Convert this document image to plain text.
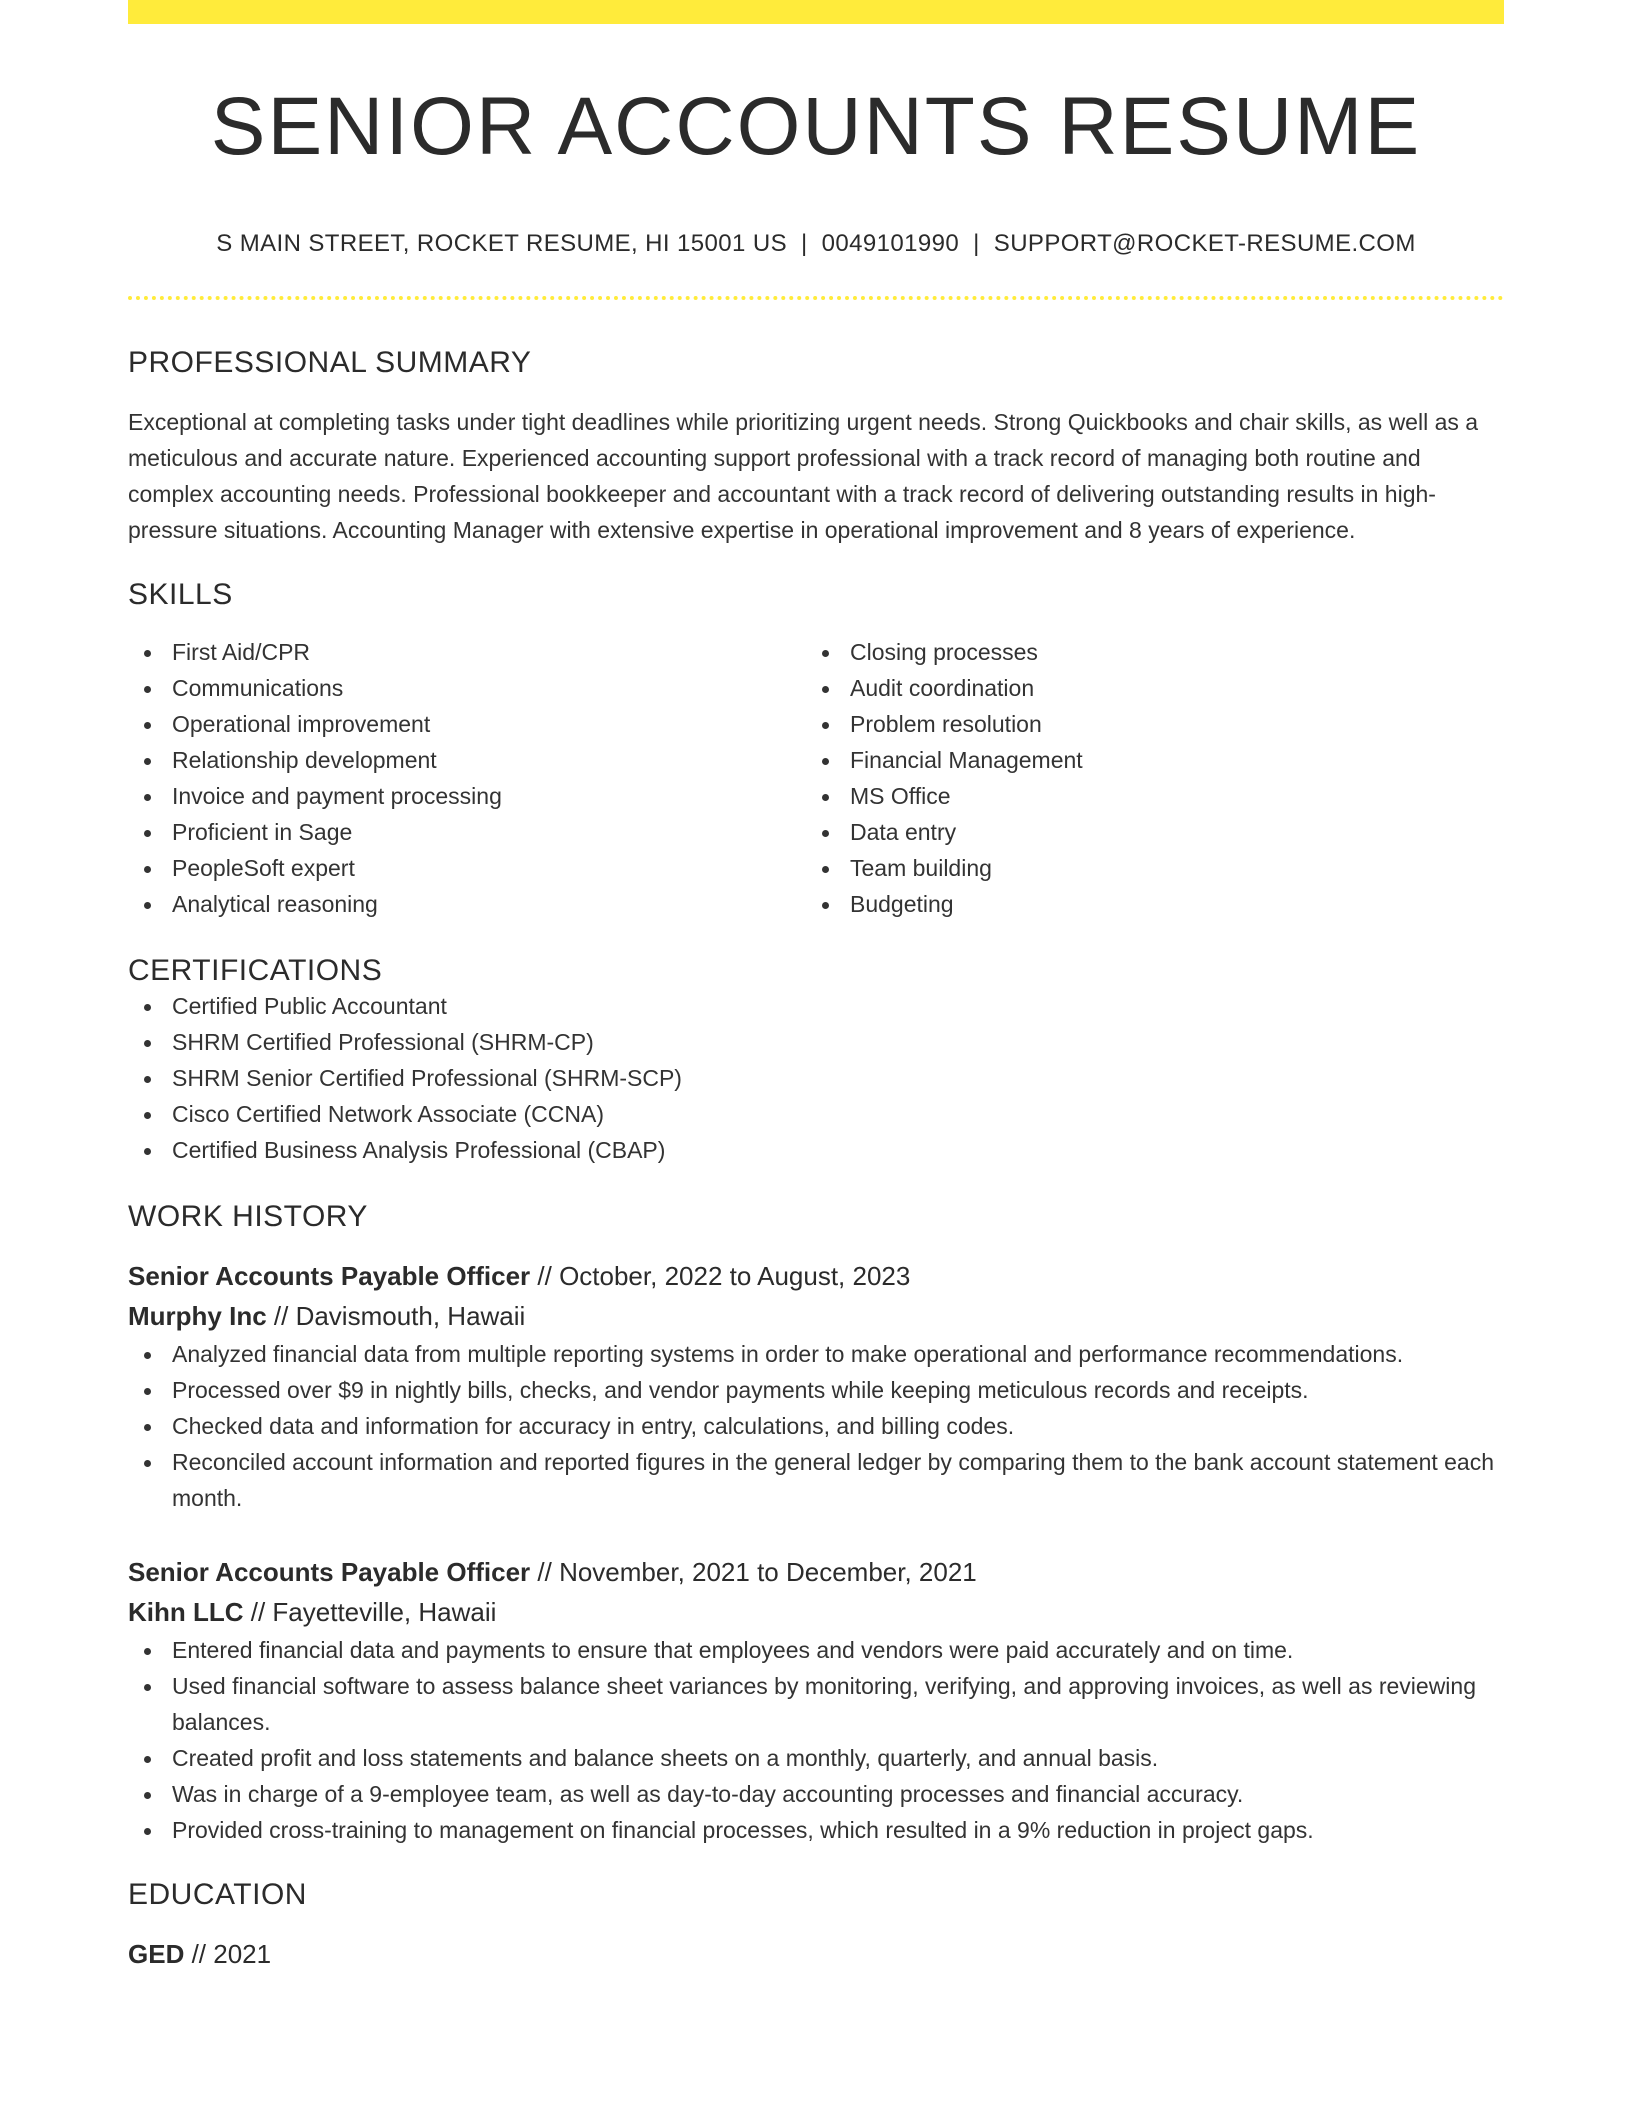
SENIOR ACCOUNTS RESUME
S MAIN STREET, ROCKET RESUME, HI 15001 US | 0049101990 | SUPPORT@ROCKET-RESUME.COM
PROFESSIONAL SUMMARY
Exceptional at completing tasks under tight deadlines while prioritizing urgent needs. Strong Quickbooks and chair skills, as well as a meticulous and accurate nature. Experienced accounting support professional with a track record of managing both routine and complex accounting needs. Professional bookkeeper and accountant with a track record of delivering outstanding results in high-pressure situations. Accounting Manager with extensive expertise in operational improvement and 8 years of experience.
SKILLS
First Aid/CPR
Communications
Operational improvement
Relationship development
Invoice and payment processing
Proficient in Sage
PeopleSoft expert
Analytical reasoning
Closing processes
Audit coordination
Problem resolution
Financial Management
MS Office
Data entry
Team building
Budgeting
CERTIFICATIONS
Certified Public Accountant
SHRM Certified Professional (SHRM-CP)
SHRM Senior Certified Professional (SHRM-SCP)
Cisco Certified Network Associate (CCNA)
Certified Business Analysis Professional (CBAP)
WORK HISTORY
Senior Accounts Payable Officer // October, 2022 to August, 2023
Murphy Inc // Davismouth, Hawaii
Analyzed financial data from multiple reporting systems in order to make operational and performance recommendations.
Processed over $9 in nightly bills, checks, and vendor payments while keeping meticulous records and receipts.
Checked data and information for accuracy in entry, calculations, and billing codes.
Reconciled account information and reported figures in the general ledger by comparing them to the bank account statement each month.
Senior Accounts Payable Officer // November, 2021 to December, 2021
Kihn LLC // Fayetteville, Hawaii
Entered financial data and payments to ensure that employees and vendors were paid accurately and on time.
Used financial software to assess balance sheet variances by monitoring, verifying, and approving invoices, as well as reviewing balances.
Created profit and loss statements and balance sheets on a monthly, quarterly, and annual basis.
Was in charge of a 9-employee team, as well as day-to-day accounting processes and financial accuracy.
Provided cross-training to management on financial processes, which resulted in a 9% reduction in project gaps.
EDUCATION
GED // 2021
